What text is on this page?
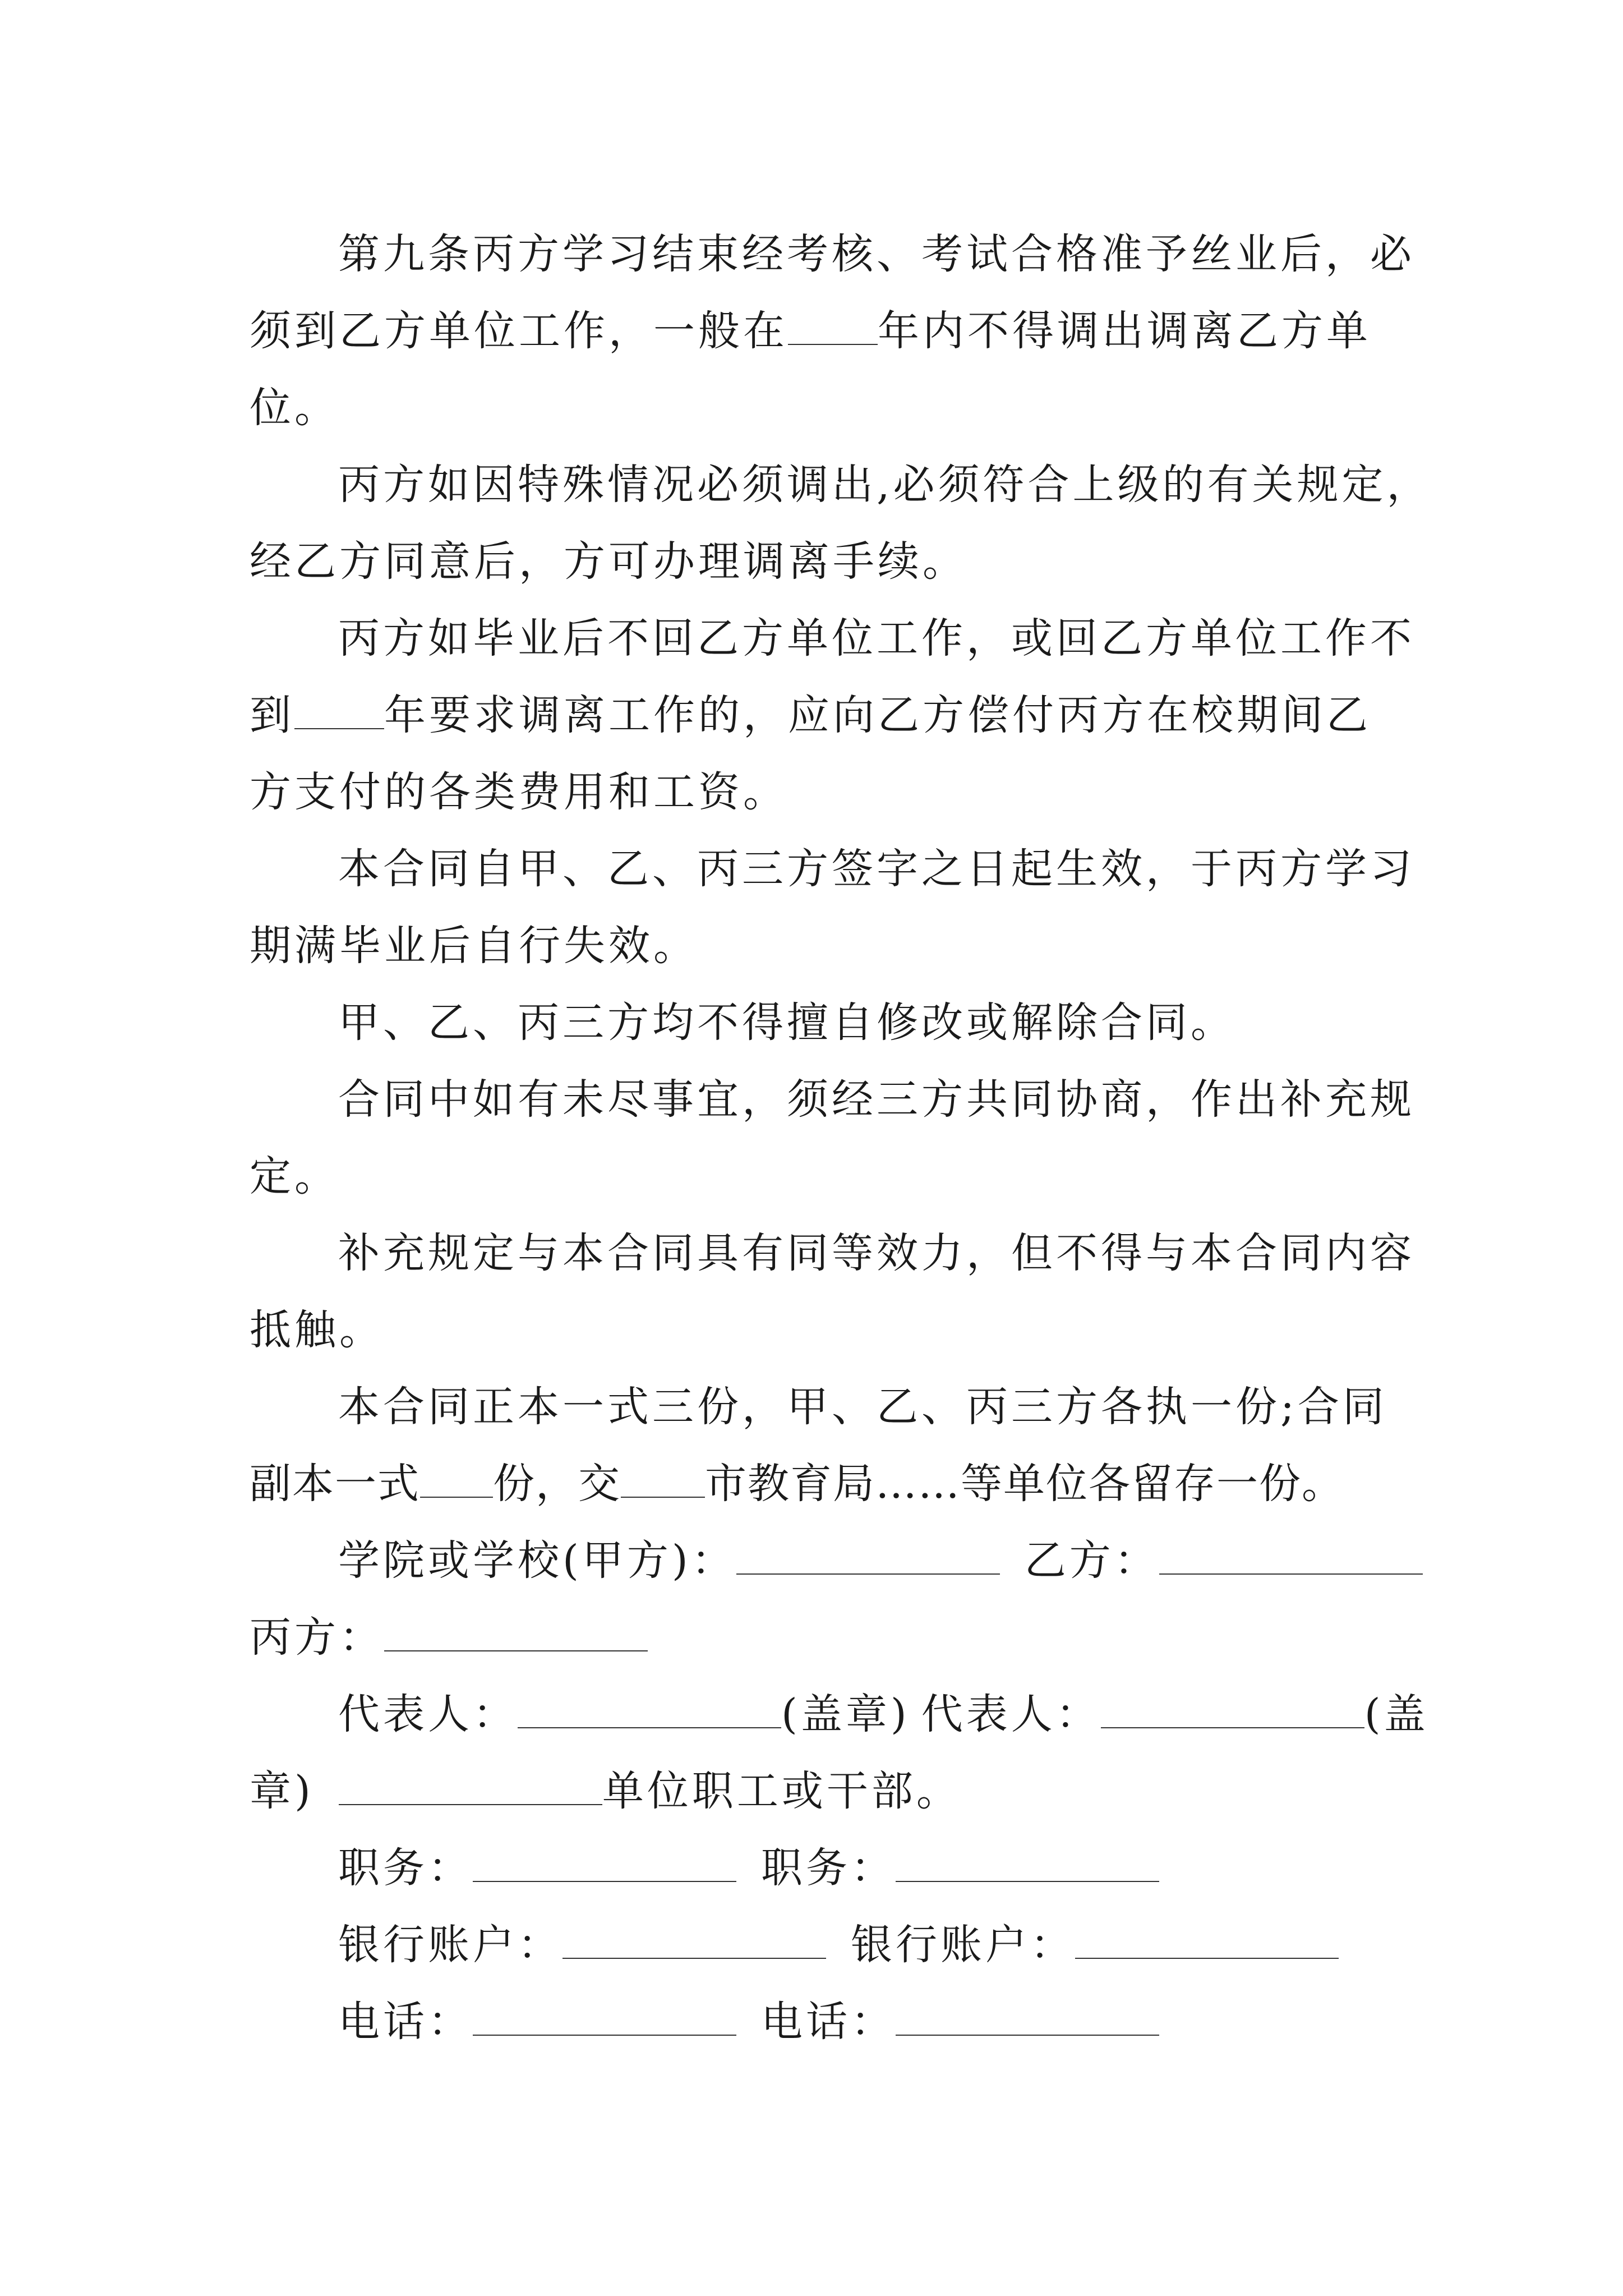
第九条丙方学习结束经考核、考试合格准予丝业后，必
须到乙方单位工作，一般在 年内不得调出调离乙方单
位。
丙方如因特殊情况必须调出,必须符合上级的有关规定，
经乙方同意后，方可办理调离手续。
丙方如毕业后不回乙方单位工作，或回乙方单位工作不
到 年要求调离工作的，应向乙方偿付丙方在校期间乙
方支付的各类费用和工资。
本合同自甲、乙、丙三方签字之日起生效，于丙方学习
期满毕业后自行失效。
甲、乙、丙三方均不得擅自修改或解除合同。
合同中如有未尽事宜，须经三方共同协商，作出补充规
定。
补充规定与本合同具有同等效力，但不得与本合同内容
抵触。
本合同正本一式三份，甲、乙、丙三方各执一份;合同
副本一式 份，交 市教育局……等单位各留存一份。
学院或学校(甲方)：	乙方：
丙方：
代表人：	(盖章) 代表人：	(盖
章)	单位职工或干部。
职务：	职务：
银行账户：	银行账户：
电话：	电话：
